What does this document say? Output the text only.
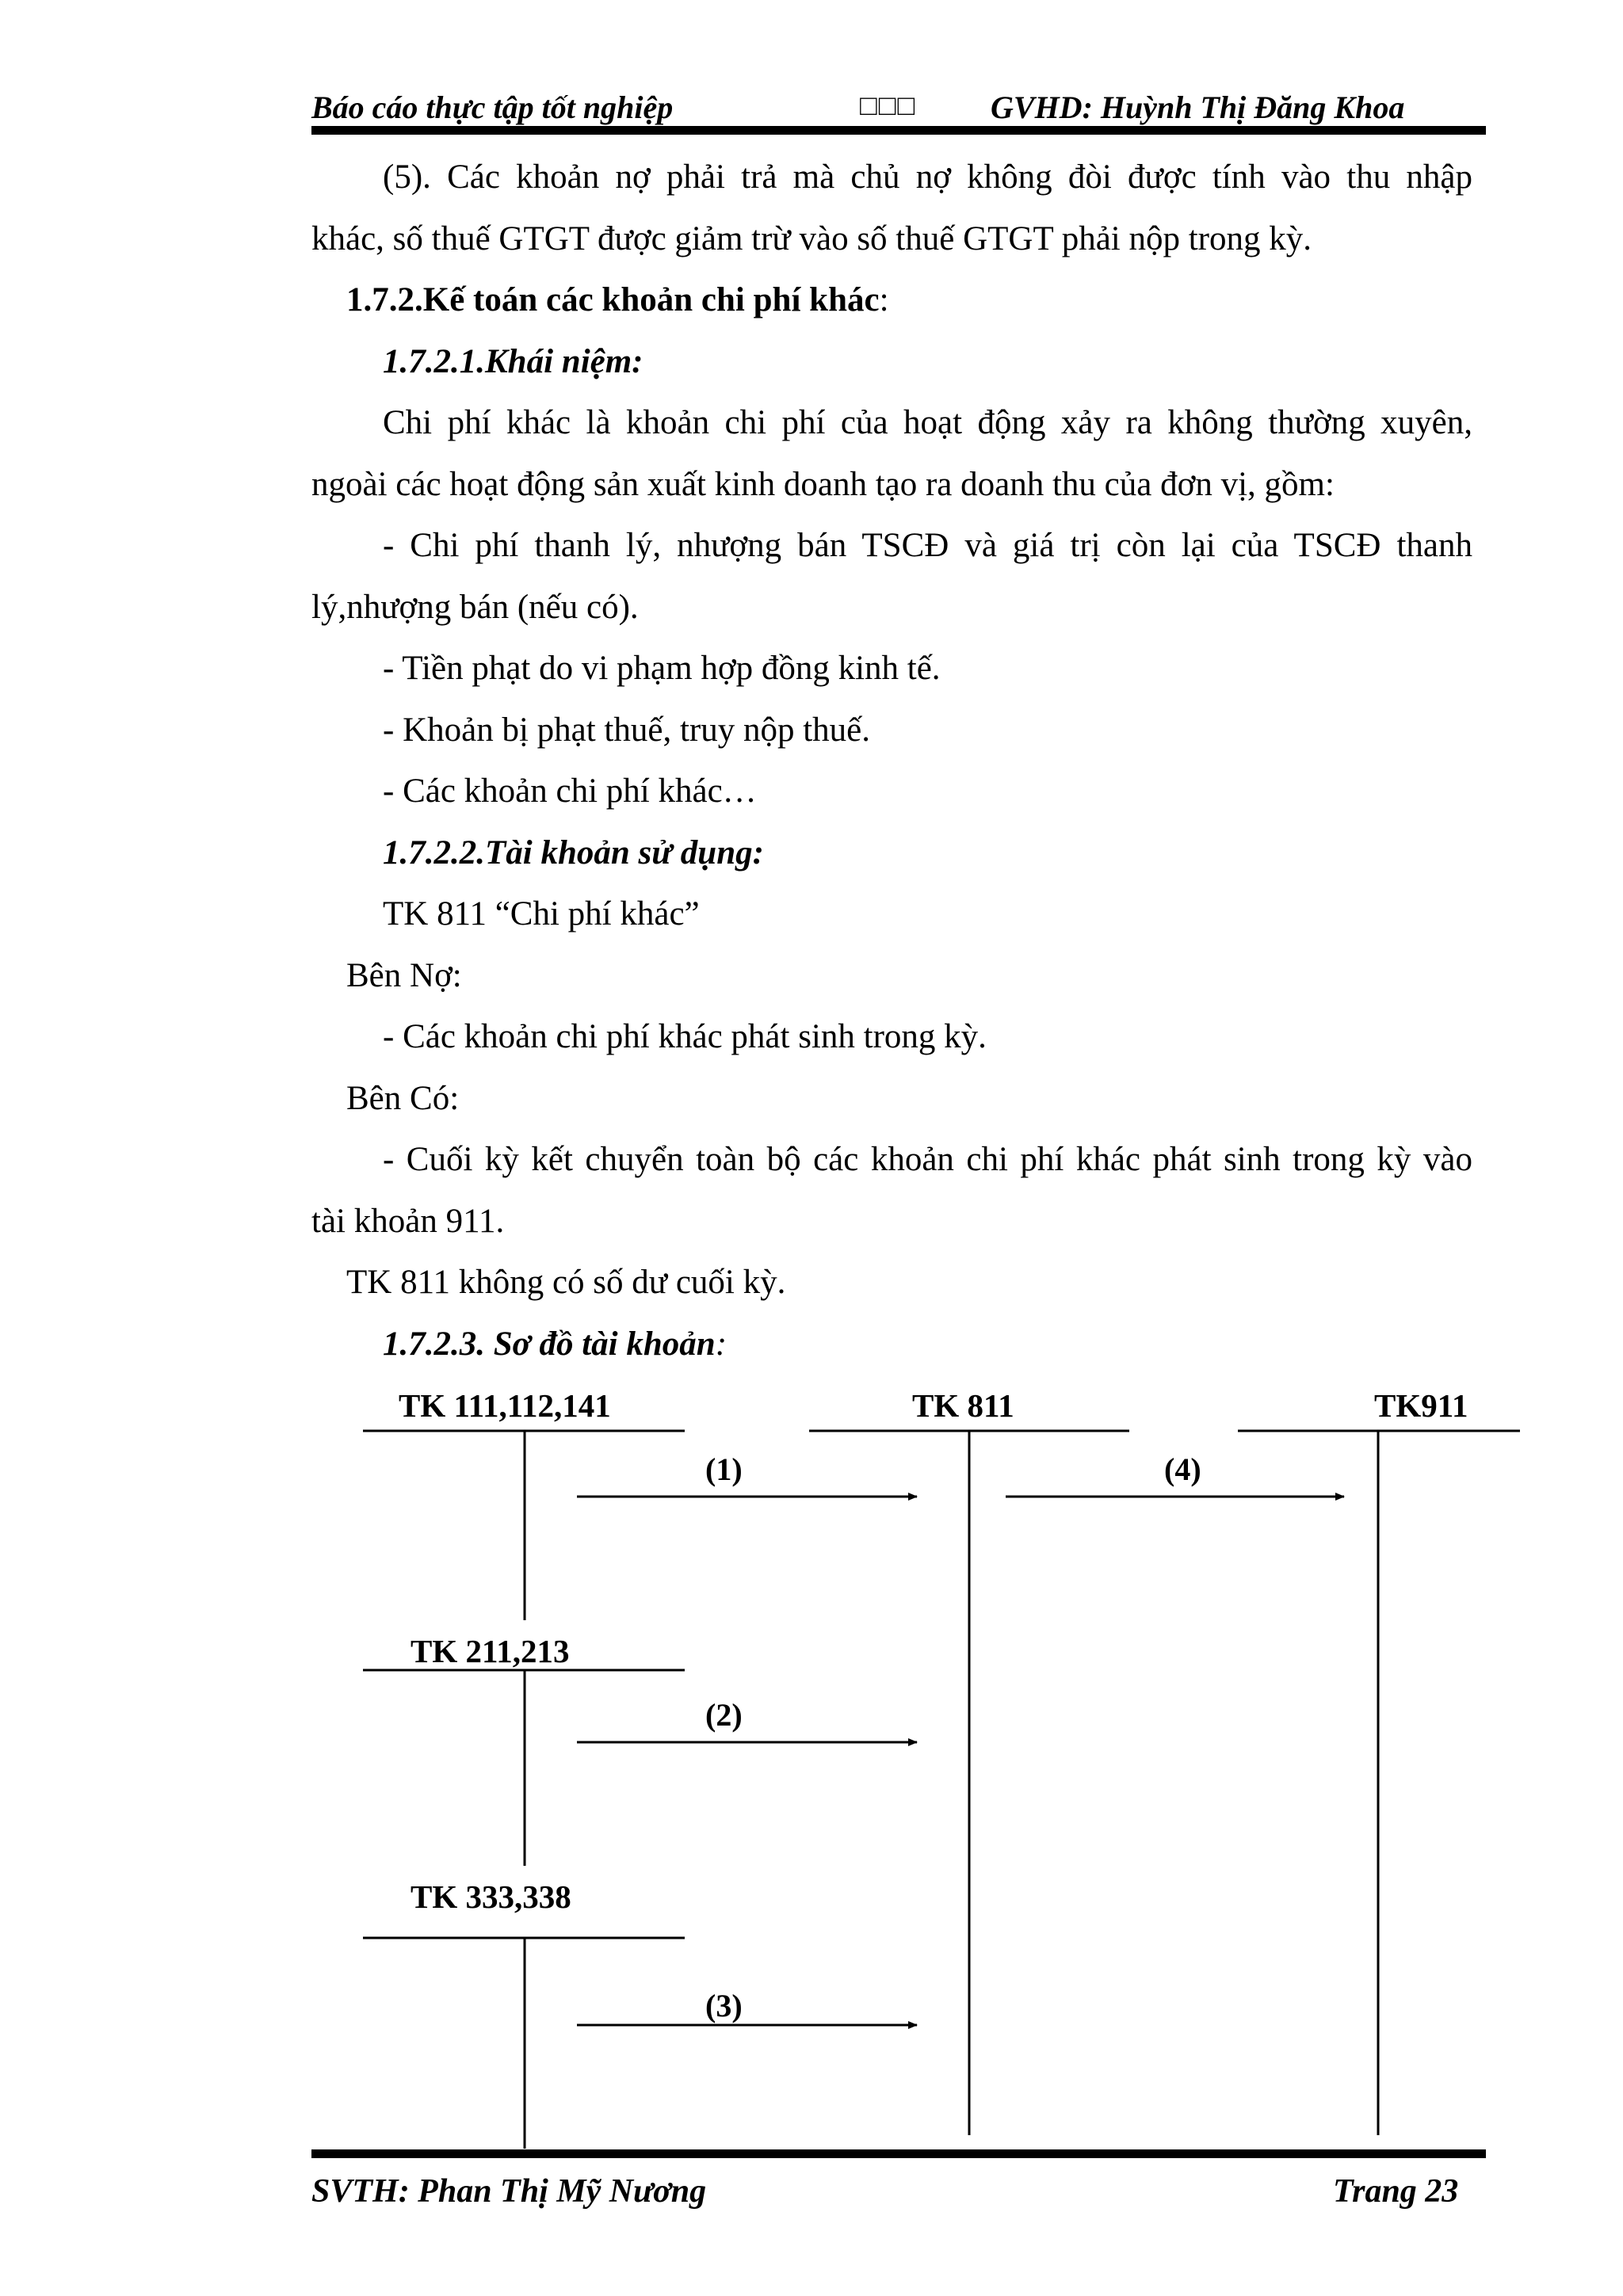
Báo cáo thực tập tốt nghiệp	□□□ GVHD: Huỳnh Thị Đăng Khoa
(5). Các khoản nợ phải trả mà chủ nợ không đòi được tính vào thu nhập
khác, số thuế GTGT được giảm trừ vào số thuế GTGT phải nộp trong kỳ.
1.7.2.Kế toán các khoản chi phí khác:
1.7.2.1.Khái niệm:
Chi phí khác là khoản chi phí của hoạt động xảy ra không thường xuyên,
ngoài các hoạt động sản xuất kinh doanh tạo ra doanh thu của đơn vị, gồm:
- Chi phí thanh lý, nhượng bán TSCĐ và giá trị còn lại của TSCĐ thanh
lý,nhượng bán (nếu có).
- Tiền phạt do vi phạm hợp đồng kinh tế.
- Khoản bị phạt thuế, truy nộp thuế.
- Các khoản chi phí khác…
1.7.2.2.Tài khoản sử dụng:
TK 811 “Chi phí khác”
Bên Nợ:
- Các khoản chi phí khác phát sinh trong kỳ.
Bên Có:
- Cuối kỳ kết chuyển toàn bộ các khoản chi phí khác phát sinh trong kỳ vào
tài khoản 911.
TK 811 không có số dư cuối kỳ.
1.7.2.3. Sơ đồ tài khoản:
TK 111,112,141	TK 811	TK911
TK 211,213
TK 333,338
(1)	(4)
(2)
(3)
SVTH: Phan Thị Mỹ Nương	Trang 23
